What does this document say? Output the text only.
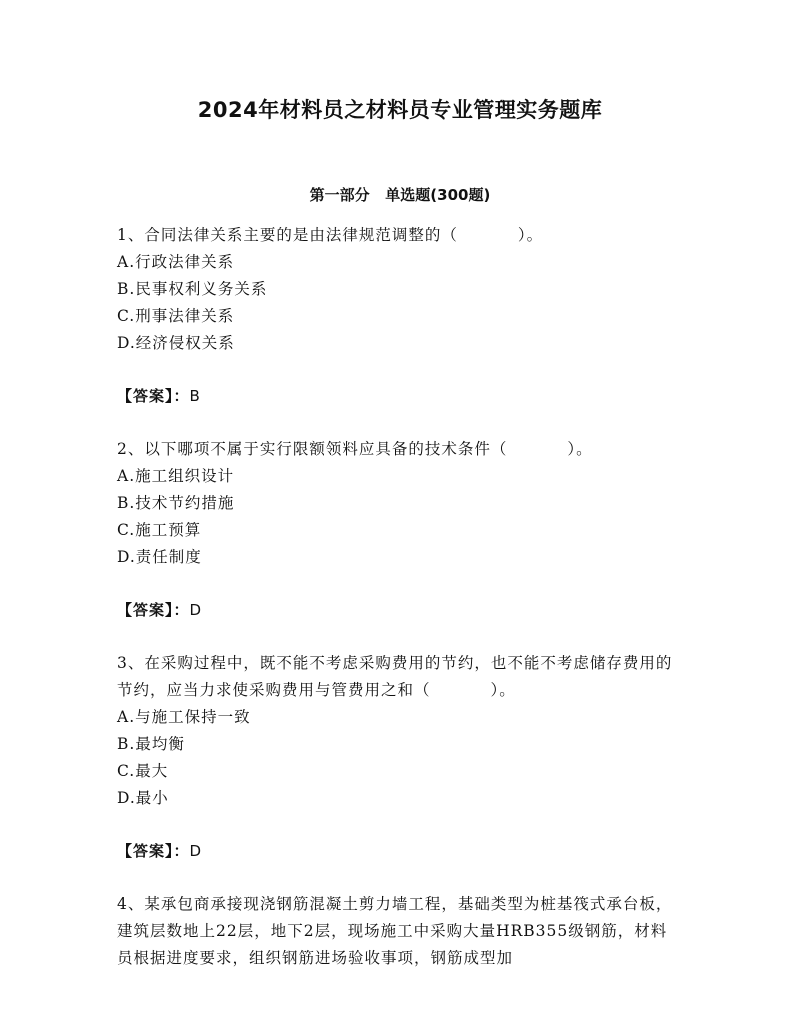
2024年材料员之材料员专业管理实务题库
第一部分   单选题(300题)

1、合同法律关系主要的是由法律规范调整的（	）。

A.行政法律关系

B.民事权利义务关系

C.刑事法律关系

D.经济侵权关系

【答案】：B

2、以下哪项不属于实行限额领料应具备的技术条件（	）。

A.施工组织设计

B.技术节约措施

C.施工预算

D.责任制度

【答案】：D

3、在采购过程中，既不能不考虑采购费用的节约，也不能不考虑储存费用的节约，应当力求使采购费用与管费用之和（	）。

A.与施工保持一致

B.最均衡

C.最大

D.最小

【答案】：D

4、某承包商承接现浇钢筋混凝土剪力墙工程，基础类型为桩基筏式承台板，建筑层数地上22层，地下2层，现场施工中采购大量HRB355级钢筋，材料员根据进度要求，组织钢筋进场验收事项，钢筋成型加
